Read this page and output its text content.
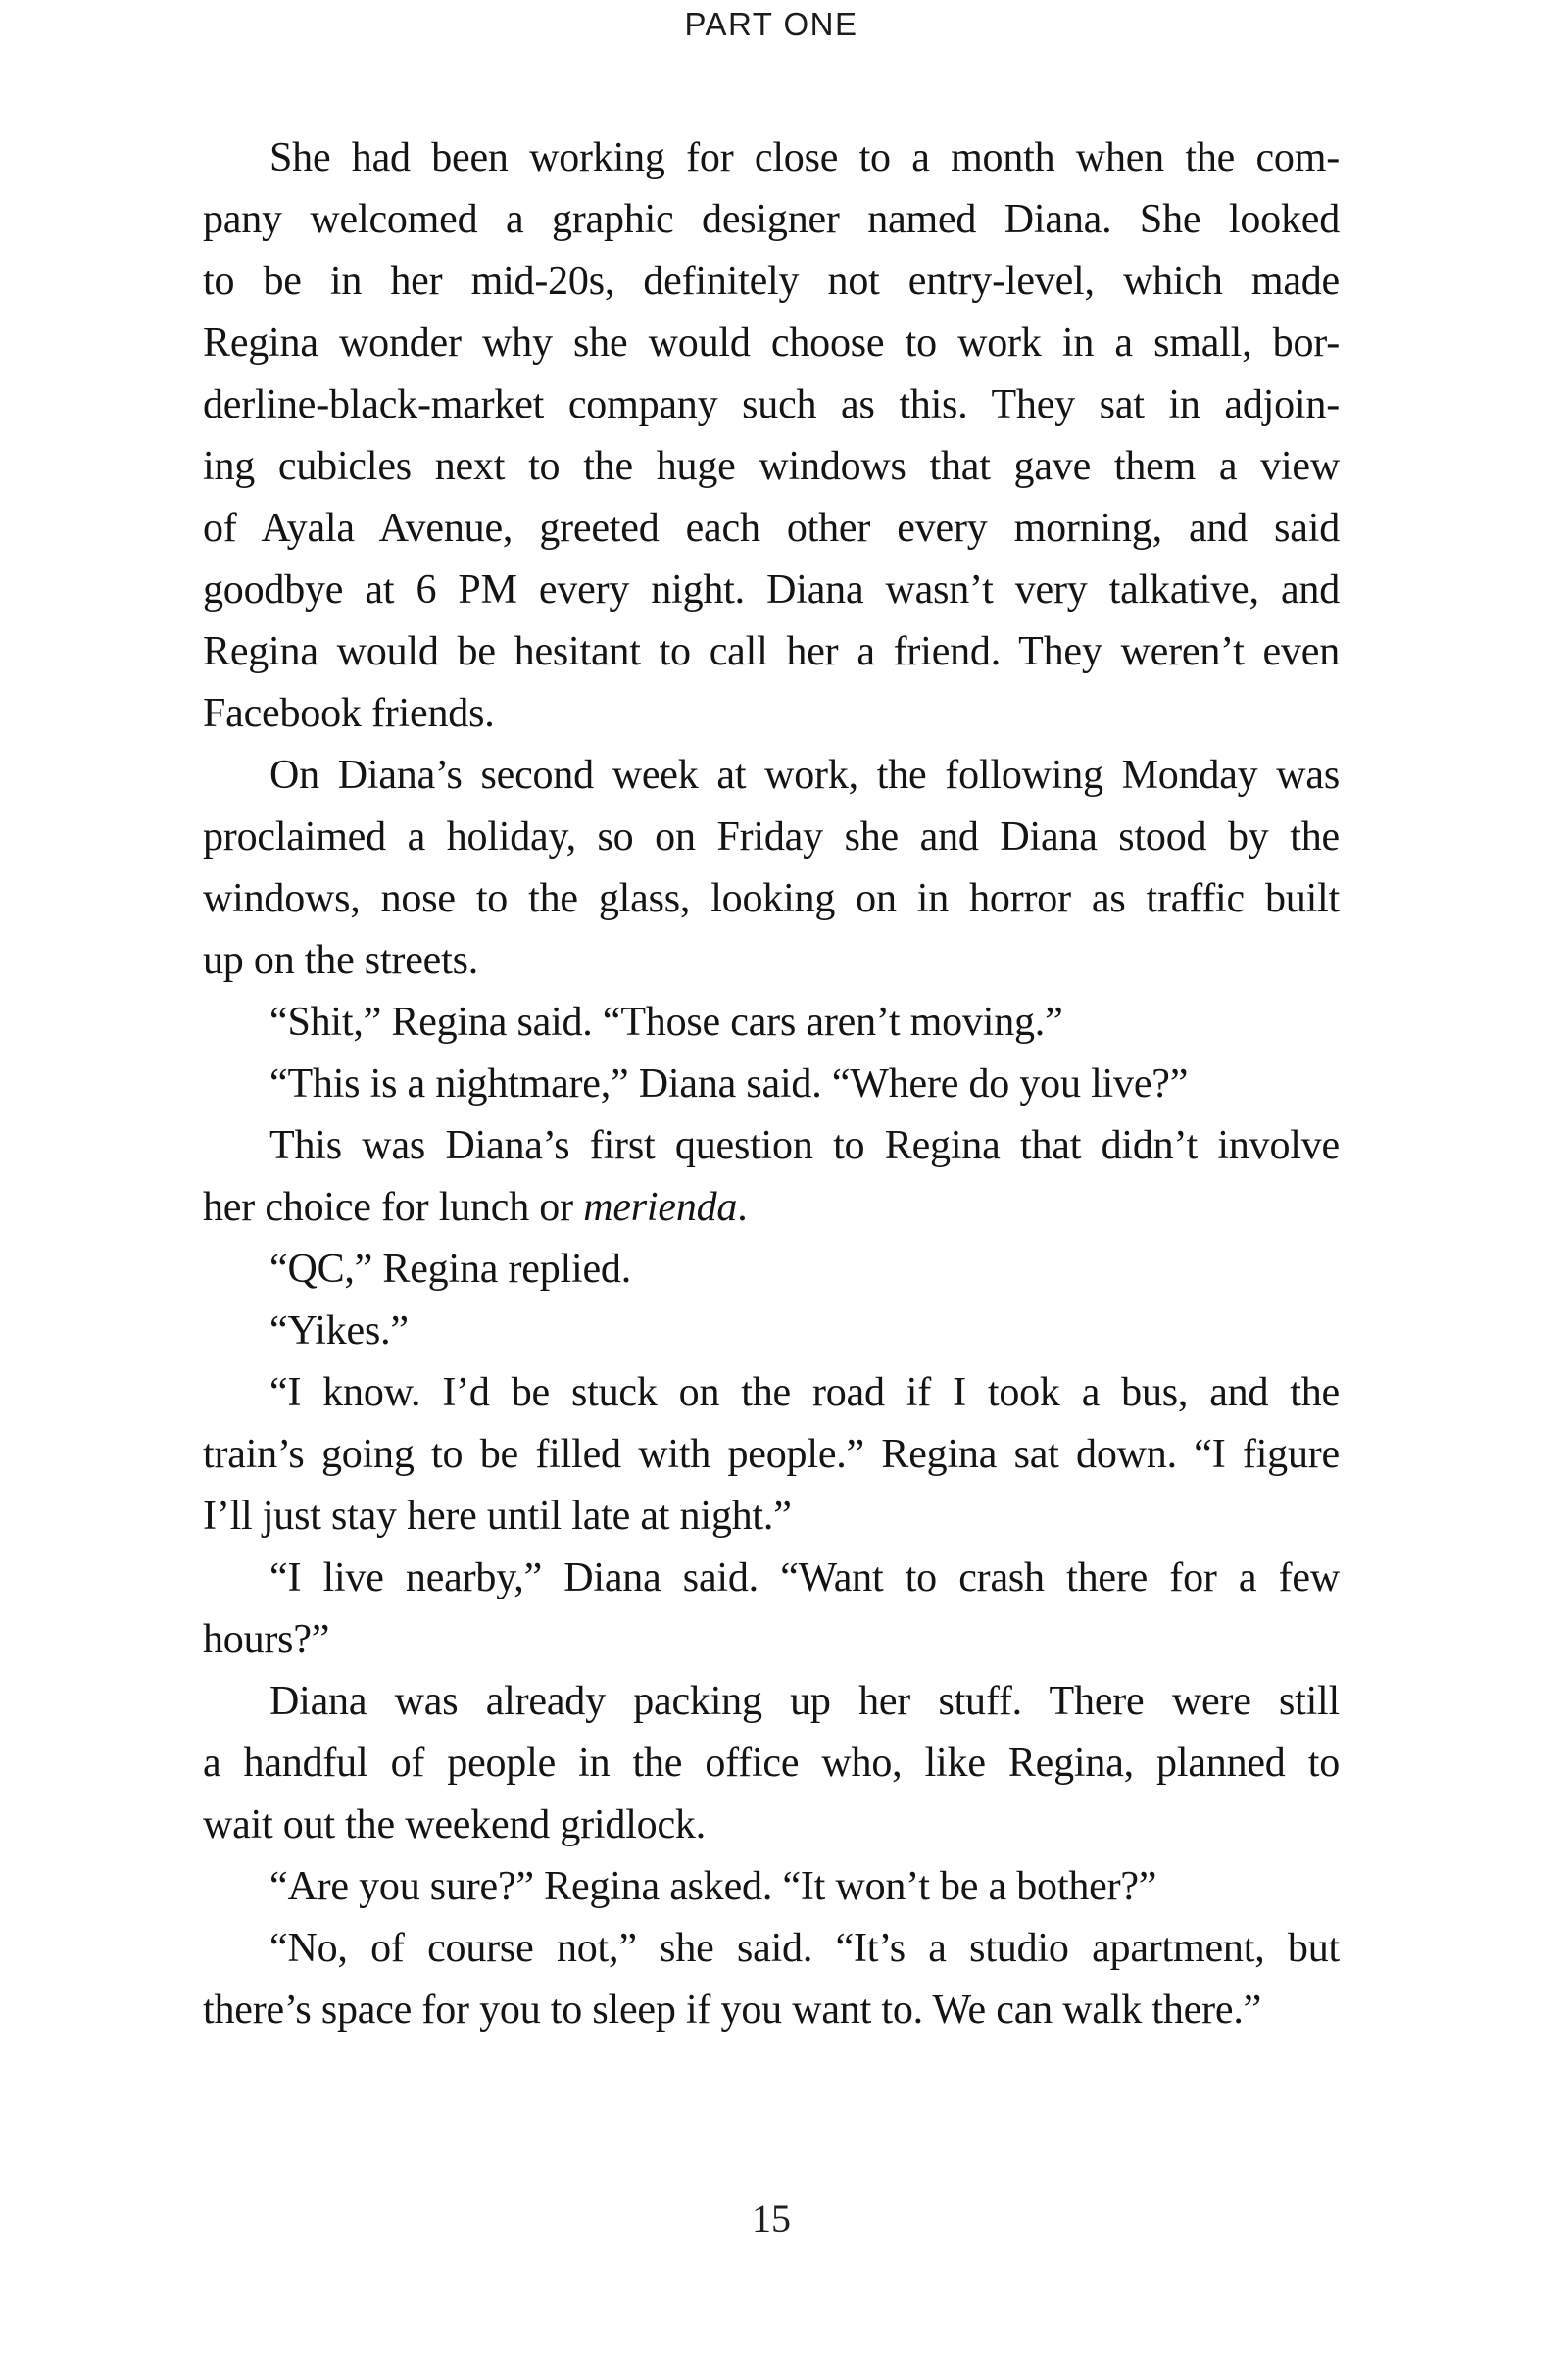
PART ONE
She had been working for close to a month when the com-
pany welcomed a graphic designer named Diana. She looked
to be in her mid-20s, definitely not entry-level, which made
Regina wonder why she would choose to work in a small, bor-
derline-black-market company such as this. They sat in adjoin-
ing cubicles next to the huge windows that gave them a view
of Ayala Avenue, greeted each other every morning, and said
goodbye at 6 PM every night. Diana wasn’t very talkative, and
Regina would be hesitant to call her a friend. They weren’t even
Facebook friends.
On Diana’s second week at work, the following Monday was
proclaimed a holiday, so on Friday she and Diana stood by the
windows, nose to the glass, looking on in horror as traffic built
up on the streets.
“Shit,” Regina said. “Those cars aren’t moving.”
“This is a nightmare,” Diana said. “Where do you live?”
This was Diana’s first question to Regina that didn’t involve
her choice for lunch or merienda.
“QC,” Regina replied.
“Yikes.”
“I know. I’d be stuck on the road if I took a bus, and the
train’s going to be filled with people.” Regina sat down. “I figure
I’ll just stay here until late at night.”
“I live nearby,” Diana said. “Want to crash there for a few
hours?”
Diana was already packing up her stuff. There were still
a handful of people in the office who, like Regina, planned to
wait out the weekend gridlock.
“Are you sure?” Regina asked. “It won’t be a bother?”
“No, of course not,” she said. “It’s a studio apartment, but
there’s space for you to sleep if you want to. We can walk there.”
15
